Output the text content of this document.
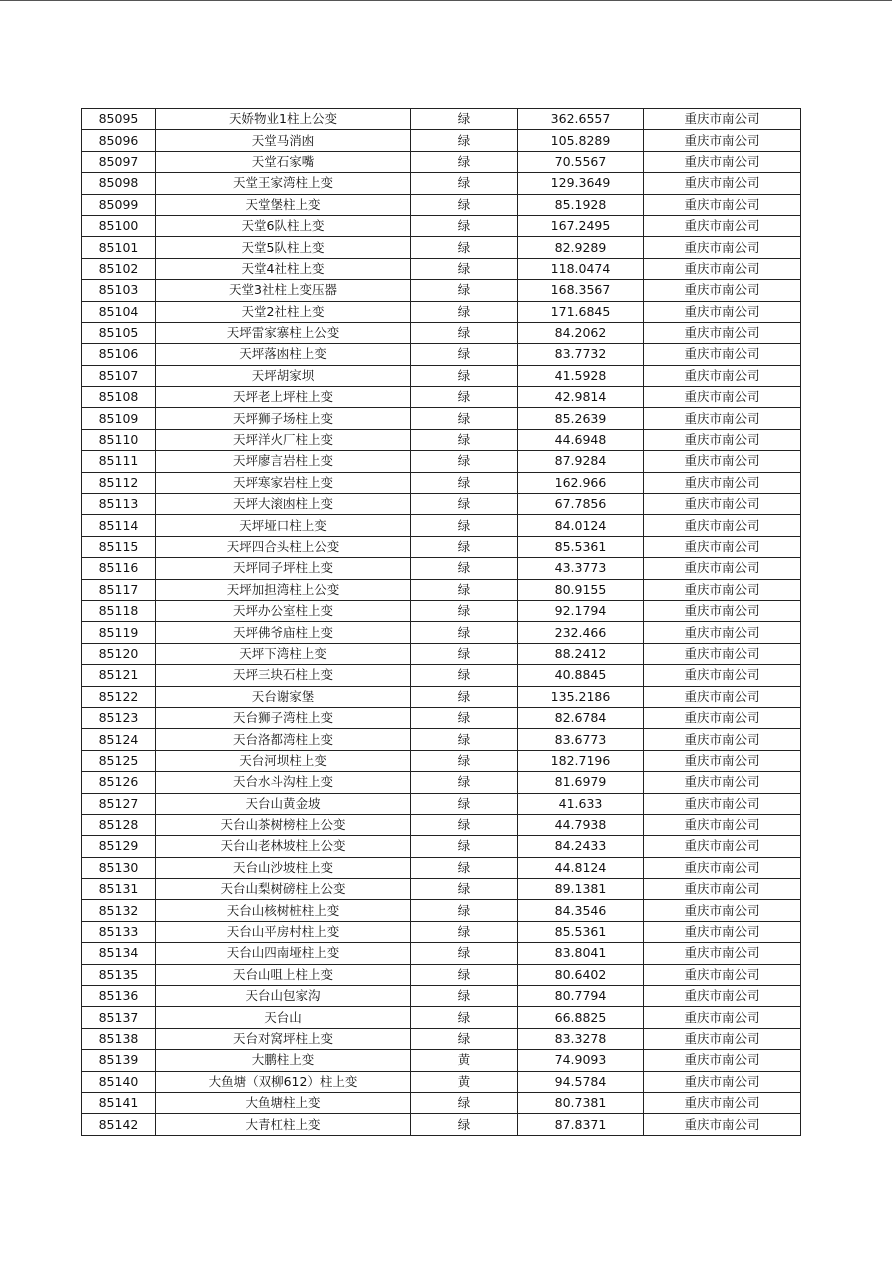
85095	天娇物业1柱上公变	绿	362.6557	重庆市南公司
85096	天堂马消凼	绿	105.8289	重庆市南公司
85097	天堂石家嘴	绿	70.5567	重庆市南公司
85098	天堂王家湾柱上变	绿	129.3649	重庆市南公司
85099	天堂堡柱上变	绿	85.1928	重庆市南公司
85100	天堂6队柱上变	绿	167.2495	重庆市南公司
85101	天堂5队柱上变	绿	82.9289	重庆市南公司
85102	天堂4社柱上变	绿	118.0474	重庆市南公司
85103	天堂3社柱上变压器	绿	168.3567	重庆市南公司
85104	天堂2社柱上变	绿	171.6845	重庆市南公司
85105	天坪雷家寨柱上公变	绿	84.2062	重庆市南公司
85106	天坪落凼柱上变	绿	83.7732	重庆市南公司
85107	天坪胡家坝	绿	41.5928	重庆市南公司
85108	天坪老上坪柱上变	绿	42.9814	重庆市南公司
85109	天坪狮子场柱上变	绿	85.2639	重庆市南公司
85110	天坪洋火厂柱上变	绿	44.6948	重庆市南公司
85111	天坪廖言岩柱上变	绿	87.9284	重庆市南公司
85112	天坪寒家岩柱上变	绿	162.966	重庆市南公司
85113	天坪大滚凼柱上变	绿	67.7856	重庆市南公司
85114	天坪垭口柱上变	绿	84.0124	重庆市南公司
85115	天坪四合头柱上公变	绿	85.5361	重庆市南公司
85116	天坪同子坪柱上变	绿	43.3773	重庆市南公司
85117	天坪加担湾柱上公变	绿	80.9155	重庆市南公司
85118	天坪办公室柱上变	绿	92.1794	重庆市南公司
85119	天坪佛爷庙柱上变	绿	232.466	重庆市南公司
85120	天坪下湾柱上变	绿	88.2412	重庆市南公司
85121	天坪三块石柱上变	绿	40.8845	重庆市南公司
85122	天台谢家堡	绿	135.2186	重庆市南公司
85123	天台狮子湾柱上变	绿	82.6784	重庆市南公司
85124	天台洛都湾柱上变	绿	83.6773	重庆市南公司
85125	天台河坝柱上变	绿	182.7196	重庆市南公司
85126	天台水斗沟柱上变	绿	81.6979	重庆市南公司
85127	天台山黄金坡	绿	41.633	重庆市南公司
85128	天台山茶树榜柱上公变	绿	44.7938	重庆市南公司
85129	天台山老林坡柱上公变	绿	84.2433	重庆市南公司
85130	天台山沙坡柱上变	绿	44.8124	重庆市南公司
85131	天台山梨树磅柱上公变	绿	89.1381	重庆市南公司
85132	天台山核树桩柱上变	绿	84.3546	重庆市南公司
85133	天台山平房村柱上变	绿	85.5361	重庆市南公司
85134	天台山四南垭柱上变	绿	83.8041	重庆市南公司
85135	天台山咀上柱上变	绿	80.6402	重庆市南公司
85136	天台山包家沟	绿	80.7794	重庆市南公司
85137	天台山	绿	66.8825	重庆市南公司
85138	天台对窝坪柱上变	绿	83.3278	重庆市南公司
85139	大鹏柱上变	黄	74.9093	重庆市南公司
85140	大鱼塘（双柳612）柱上变	黄	94.5784	重庆市南公司
85141	大鱼塘柱上变	绿	80.7381	重庆市南公司
85142	大青杠柱上变	绿	87.8371	重庆市南公司
